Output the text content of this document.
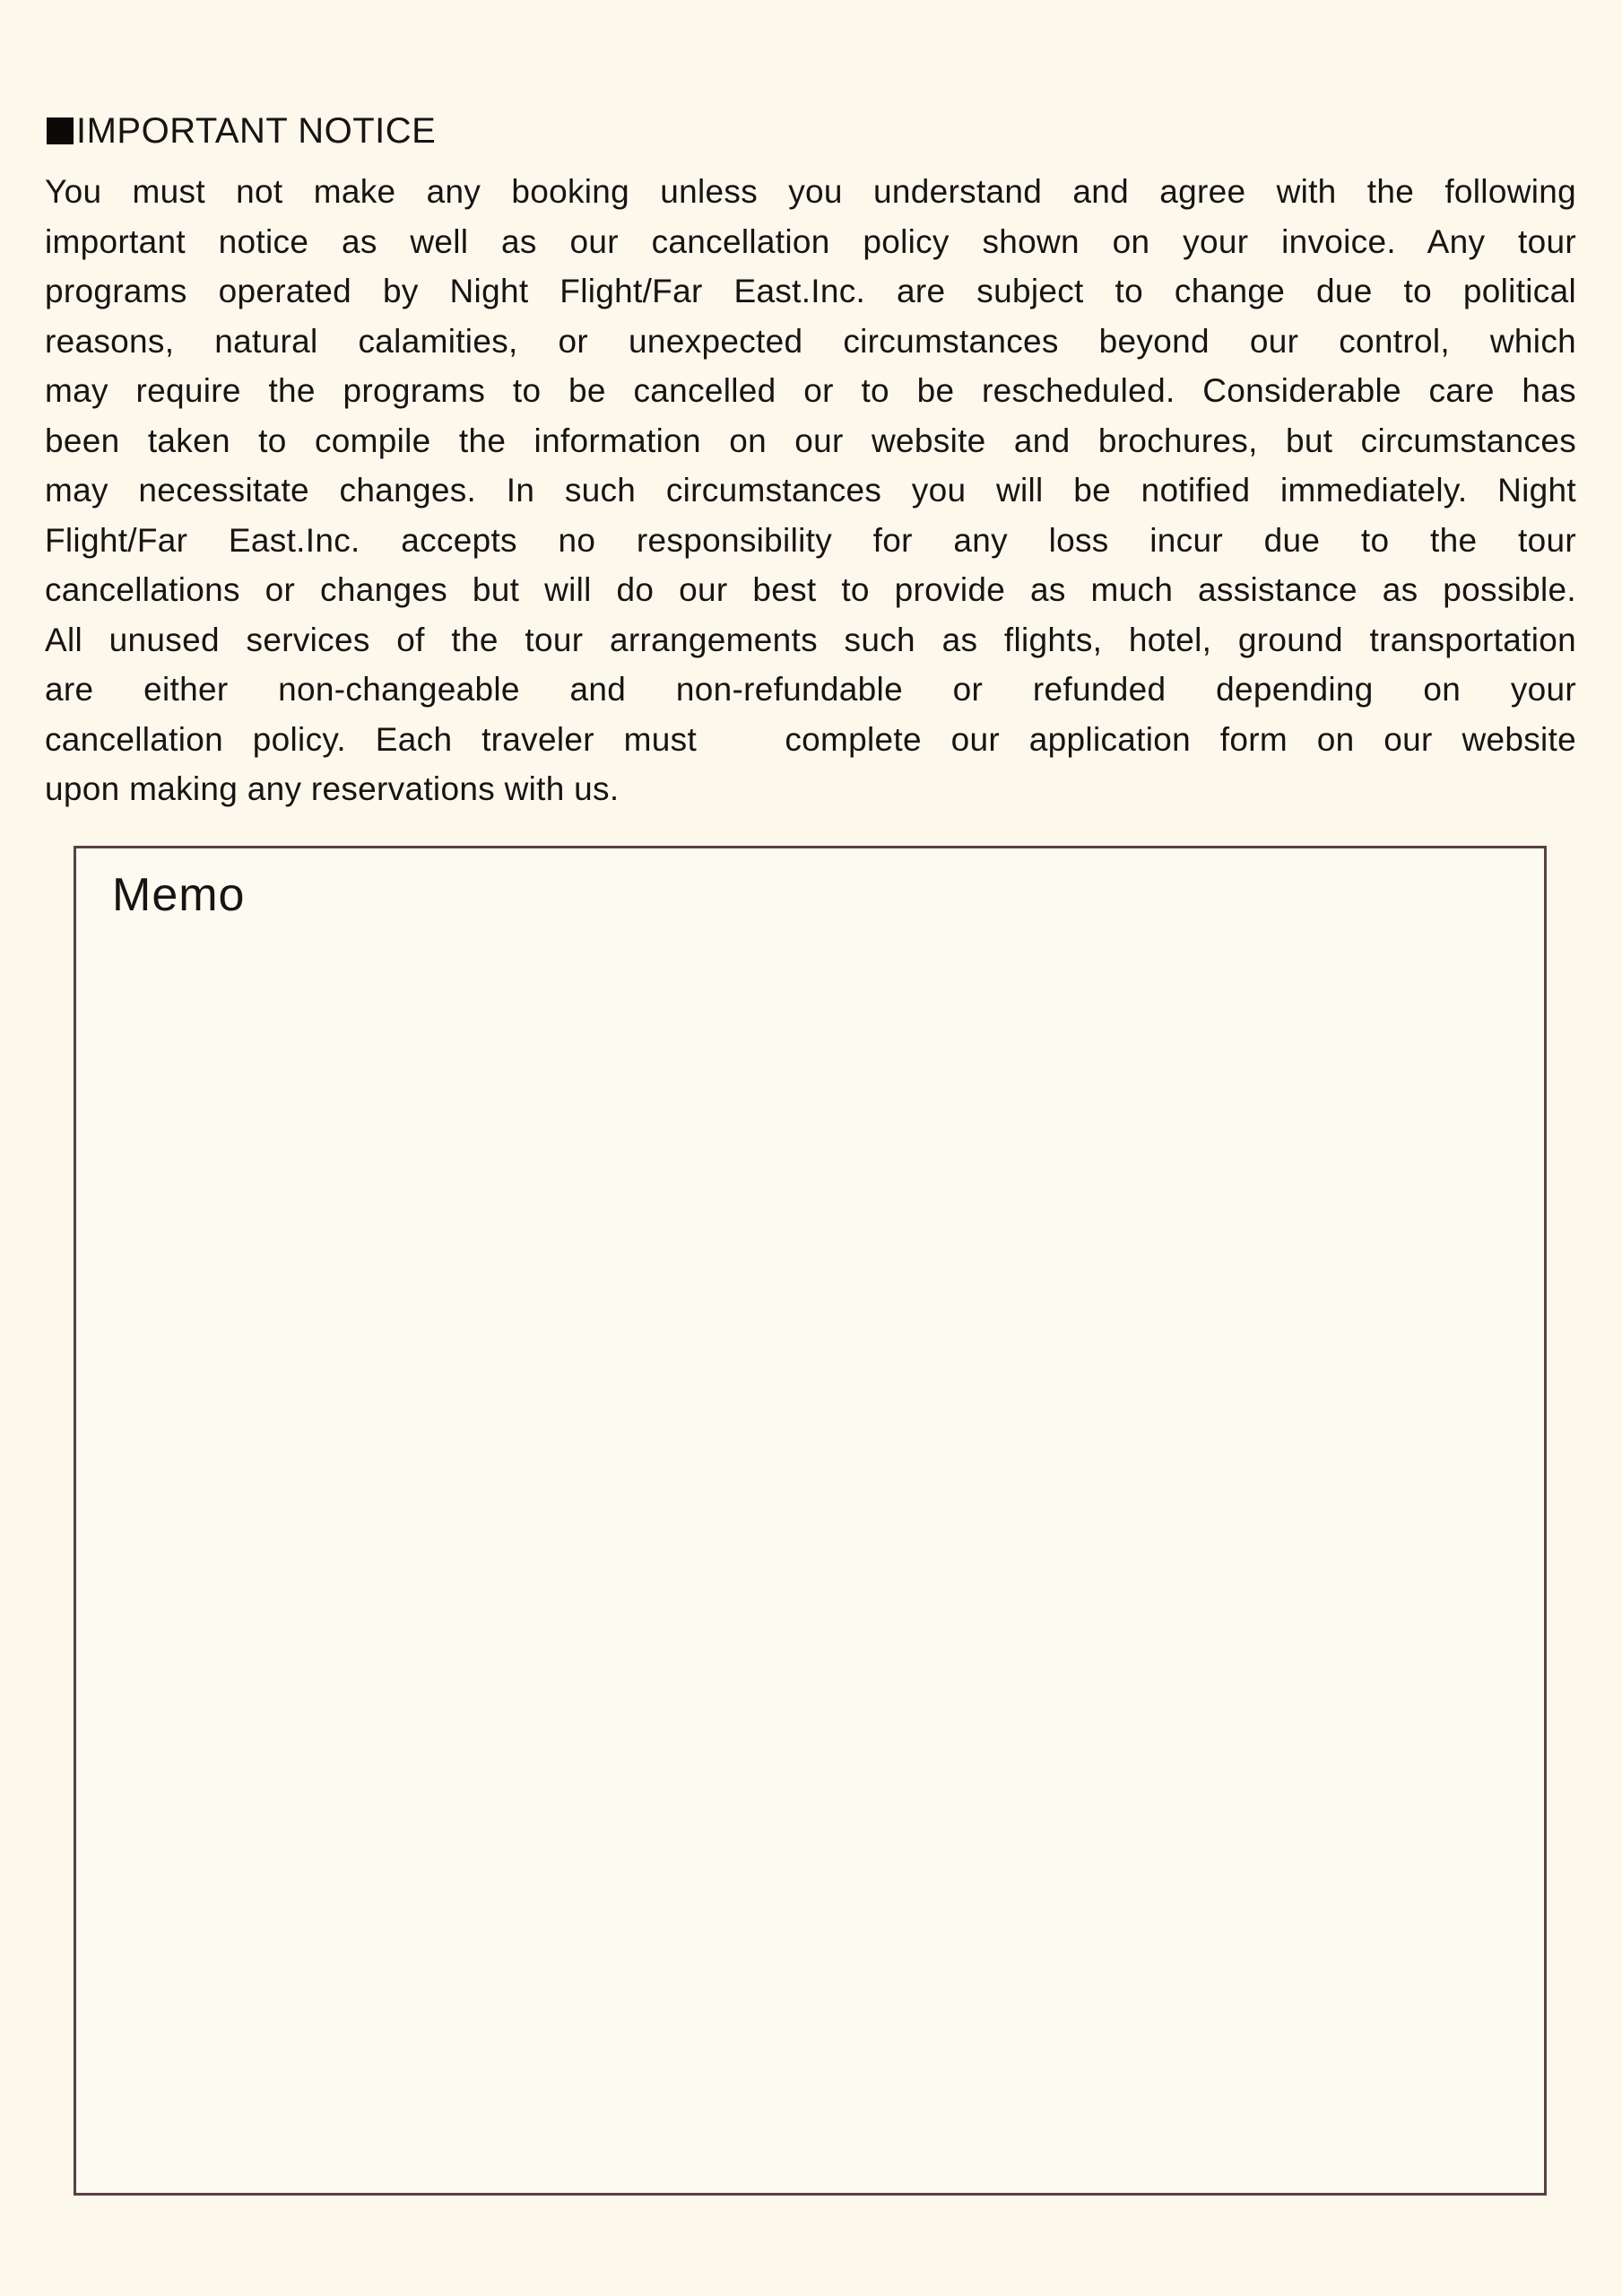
IMPORTANT NOTICE
You must not make any booking unless you understand and agree with the following
important notice as well as our cancellation policy shown on your invoice. Any tour
programs operated by Night Flight/Far East.Inc. are subject to change due to political
reasons, natural calamities, or unexpected circumstances beyond our control, which
may require the programs to be cancelled or to be rescheduled. Considerable care has
been taken to compile the information on our website and brochures, but circumstances
may necessitate changes. In such circumstances you will be notified immediately. Night
Flight/Far East.Inc. accepts no responsibility for any loss incur due to the tour
cancellations or changes but will do our best to provide as much assistance as possible.
All unused services of the tour arrangements such as flights, hotel, ground transportation
are either non-changeable and non-refundable or refunded depending on your
cancellation policy. Each traveler must   complete our application form on our website
upon making any reservations with us.
Memo
